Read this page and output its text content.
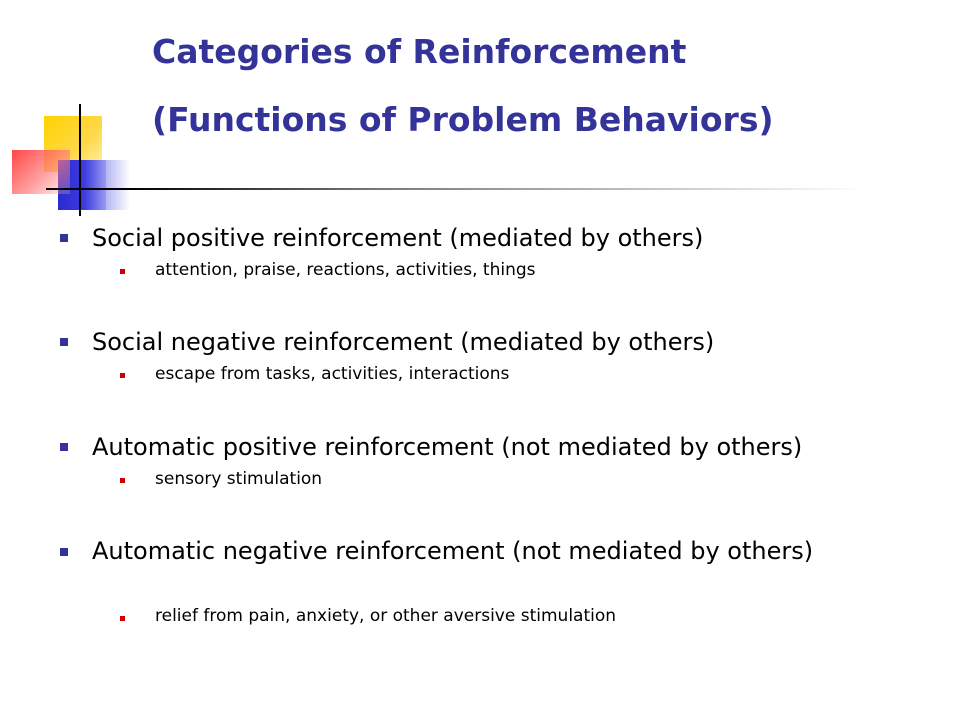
Categories of Reinforcement
(Functions of Problem Behaviors)
Social positive reinforcement (mediated by others)
attention, praise, reactions, activities, things
Social negative reinforcement (mediated by others)
escape from tasks, activities, interactions
Automatic positive reinforcement (not mediated by others)
sensory stimulation
Automatic negative reinforcement (not mediated by others)
relief from pain, anxiety, or other aversive stimulation
